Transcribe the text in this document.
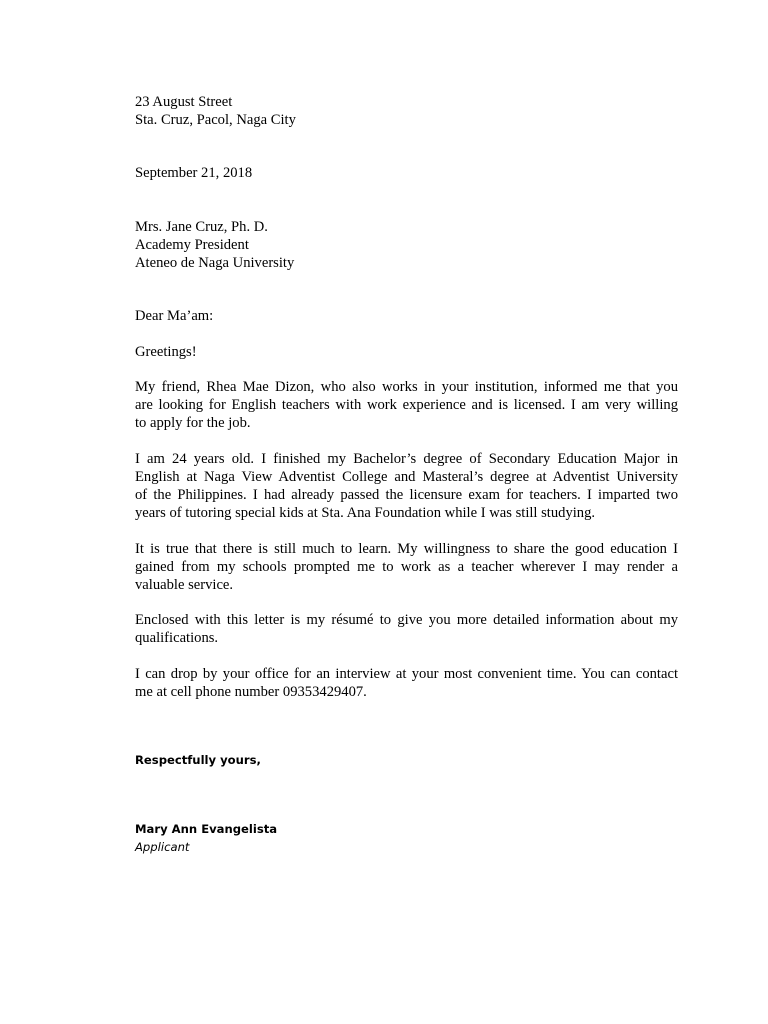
23 August Street
Sta. Cruz, Pacol, Naga City
September 21, 2018
Mrs. Jane Cruz, Ph. D.
Academy President
Ateneo de Naga University
Dear Ma’am:
Greetings!
My friend, Rhea Mae Dizon, who also works in your institution, informed me that you
are looking for English teachers with work experience and is licensed. I am very willing
to apply for the job.
I am 24 years old. I finished my Bachelor’s degree of Secondary Education Major in
English at Naga View Adventist College and Masteral’s degree at Adventist University
of the Philippines. I had already passed the licensure exam for teachers. I imparted two
years of tutoring special kids at Sta. Ana Foundation while I was still studying.
It is true that there is still much to learn. My willingness to share the good education I
gained from my schools prompted me to work as a teacher wherever I may render a
valuable service.
Enclosed with this letter is my résumé to give you more detailed information about my
qualifications.
I can drop by your office for an interview at your most convenient time. You can contact
me at cell phone number 09353429407.
Respectfully yours,
Mary Ann Evangelista
Applicant
